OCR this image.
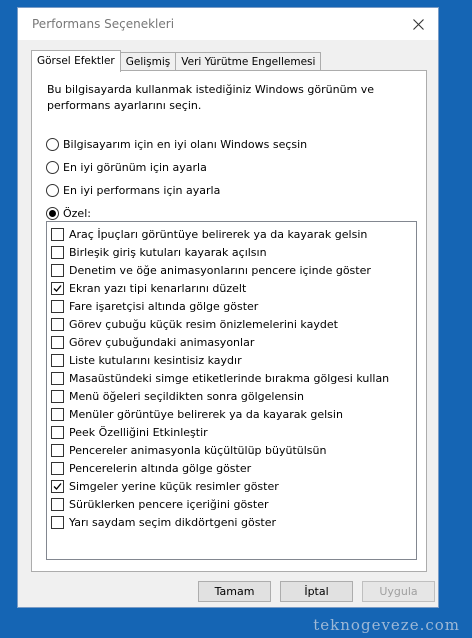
Performans Seçenekleri
Görsel Efektler	Gelişmiş	Veri Yürütme Engellemesi
Bu bilgisayarda kullanmak istediğiniz Windows görünüm ve performans ayarlarını seçin.
Bilgisayarım için en iyi olanı Windows seçsin
En iyi görünüm için ayarla
En iyi performans için ayarla
Özel:
Araç İpuçları görüntüye belirerek ya da kayarak gelsin
Birleşik giriş kutuları kayarak açılsın
Denetim ve öğe animasyonlarını pencere içinde göster
Ekran yazı tipi kenarlarını düzelt
Fare işaretçisi altında gölge göster
Görev çubuğu küçük resim önizlemelerini kaydet
Görev çubuğundaki animasyonlar
Liste kutularını kesintisiz kaydır
Masaüstündeki simge etiketlerinde bırakma gölgesi kullan
Menü öğeleri seçildikten sonra gölgelensin
Menüler görüntüye belirerek ya da kayarak gelsin
Peek Özelliğini Etkinleştir
Pencereler animasyonla küçültülüp büyütülsün
Pencerelerin altında gölge göster
Simgeler yerine küçük resimler göster
Sürüklerken pencere içeriğini göster
Yarı saydam seçim dikdörtgeni göster
Tamam	İptal	Uygula
teknogeveze.com
